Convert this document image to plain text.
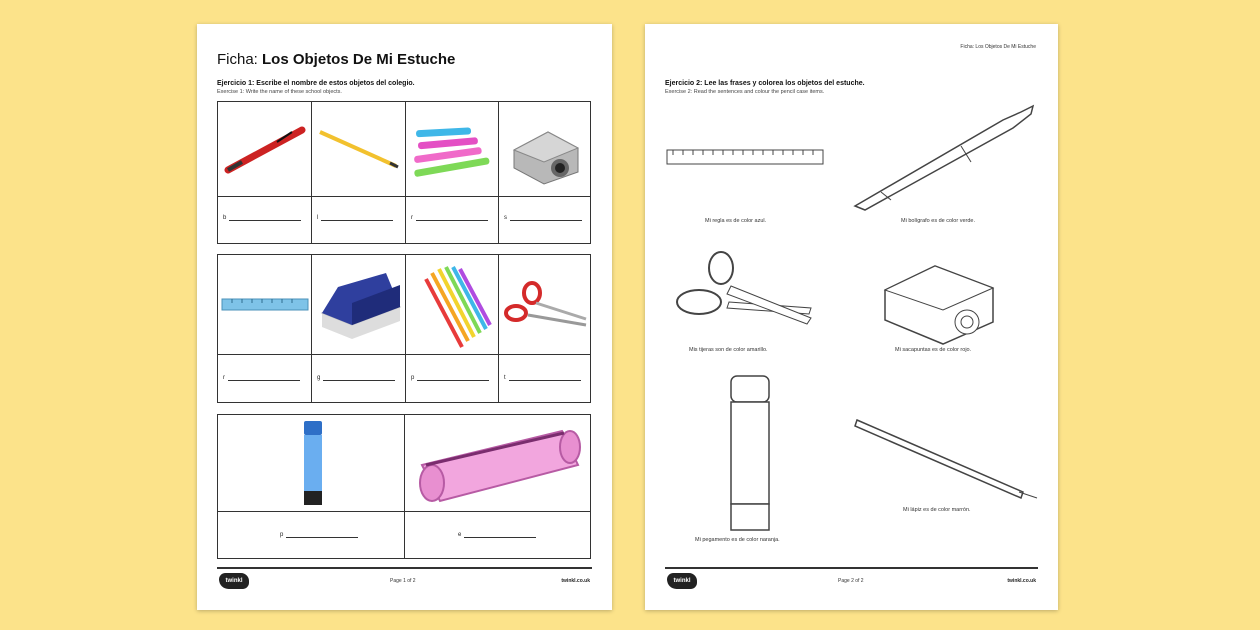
Ficha: Los Objetos De Mi Estuche
Ejercicio 1: Escribe el nombre de estos objetos del colegio.
Exercise 1: Write the name of these school objects.
b	l	r	s
r	g	p	t
p	e
twinkl	Page 1 of 2	twinkl.co.uk
Ficha: Los Objetos De Mi Estuche
Ejercicio 2: Lee las frases y colorea los objetos del estuche.
Exercise 2: Read the sentences and colour the pencil case items.
Mi regla es de color azul.	Mi bolígrafo es de color verde.
Mis tijeras son de color amarillo.	Mi sacapuntas es de color rojo.
Mi pegamento es de color naranja.
Mi lápiz es de color marrón.
twinkl	Page 2 of 2	twinkl.co.uk
